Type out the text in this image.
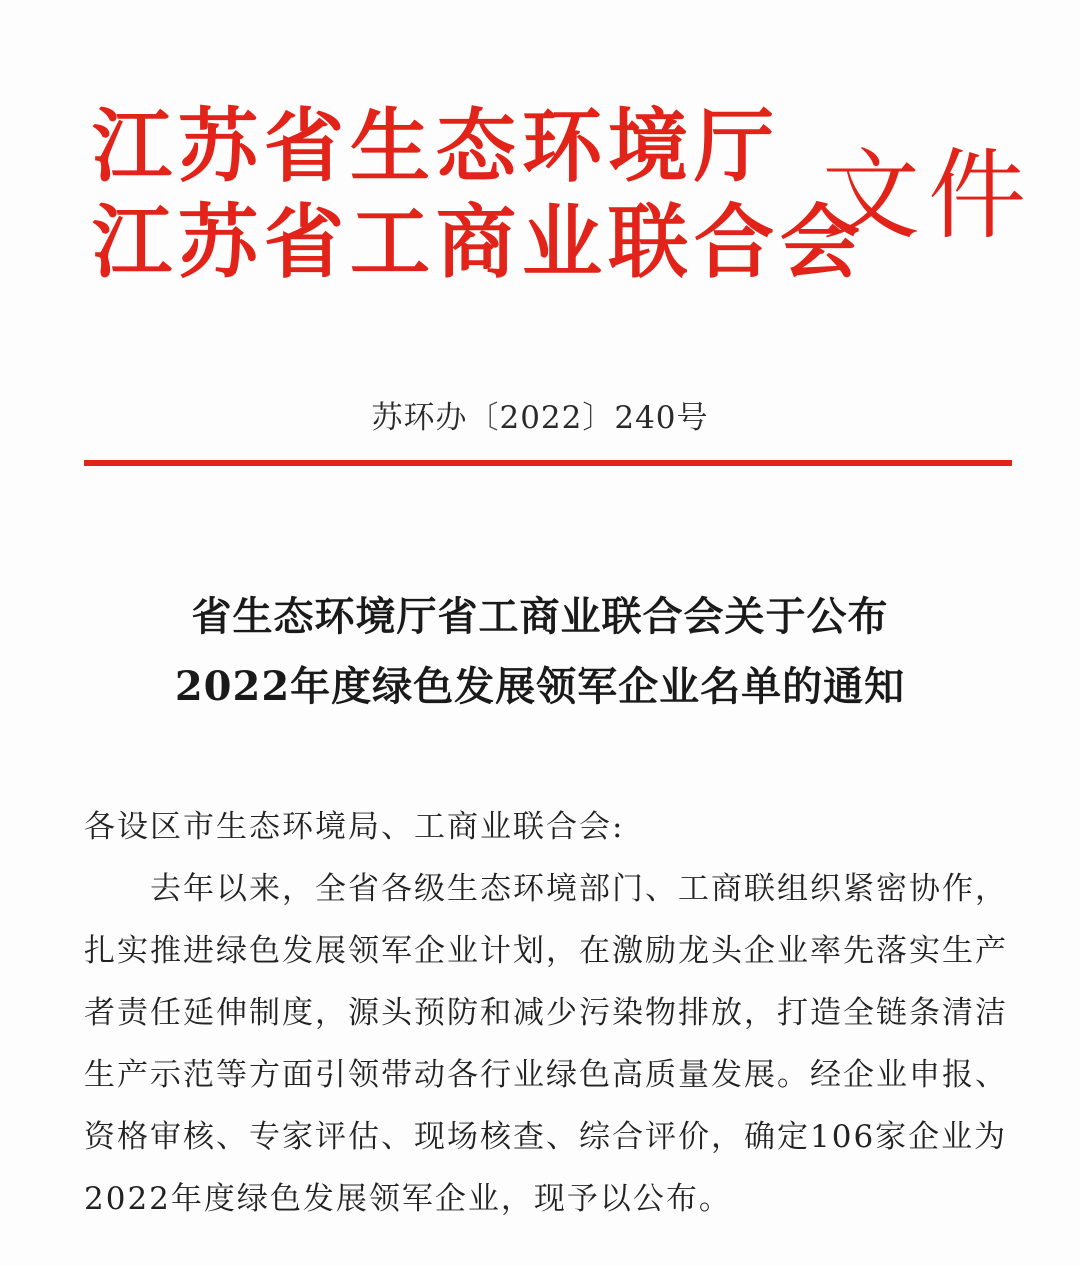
江苏省生态环境厅
江苏省工商业联合会
文件
苏环办〔2022〕240号
省生态环境厅省工商业联合会关于公布
2022年度绿色发展领军企业名单的通知
各设区市生态环境局、工商业联合会:
去年以来，全省各级生态环境部门、工商联组织紧密协作，
扎实推进绿色发展领军企业计划，在激励龙头企业率先落实生产
者责任延伸制度，源头预防和减少污染物排放，打造全链条清洁
生产示范等方面引领带动各行业绿色高质量发展。经企业申报、
资格审核、专家评估、现场核查、综合评价，确定106家企业为
2022年度绿色发展领军企业，现予以公布。
